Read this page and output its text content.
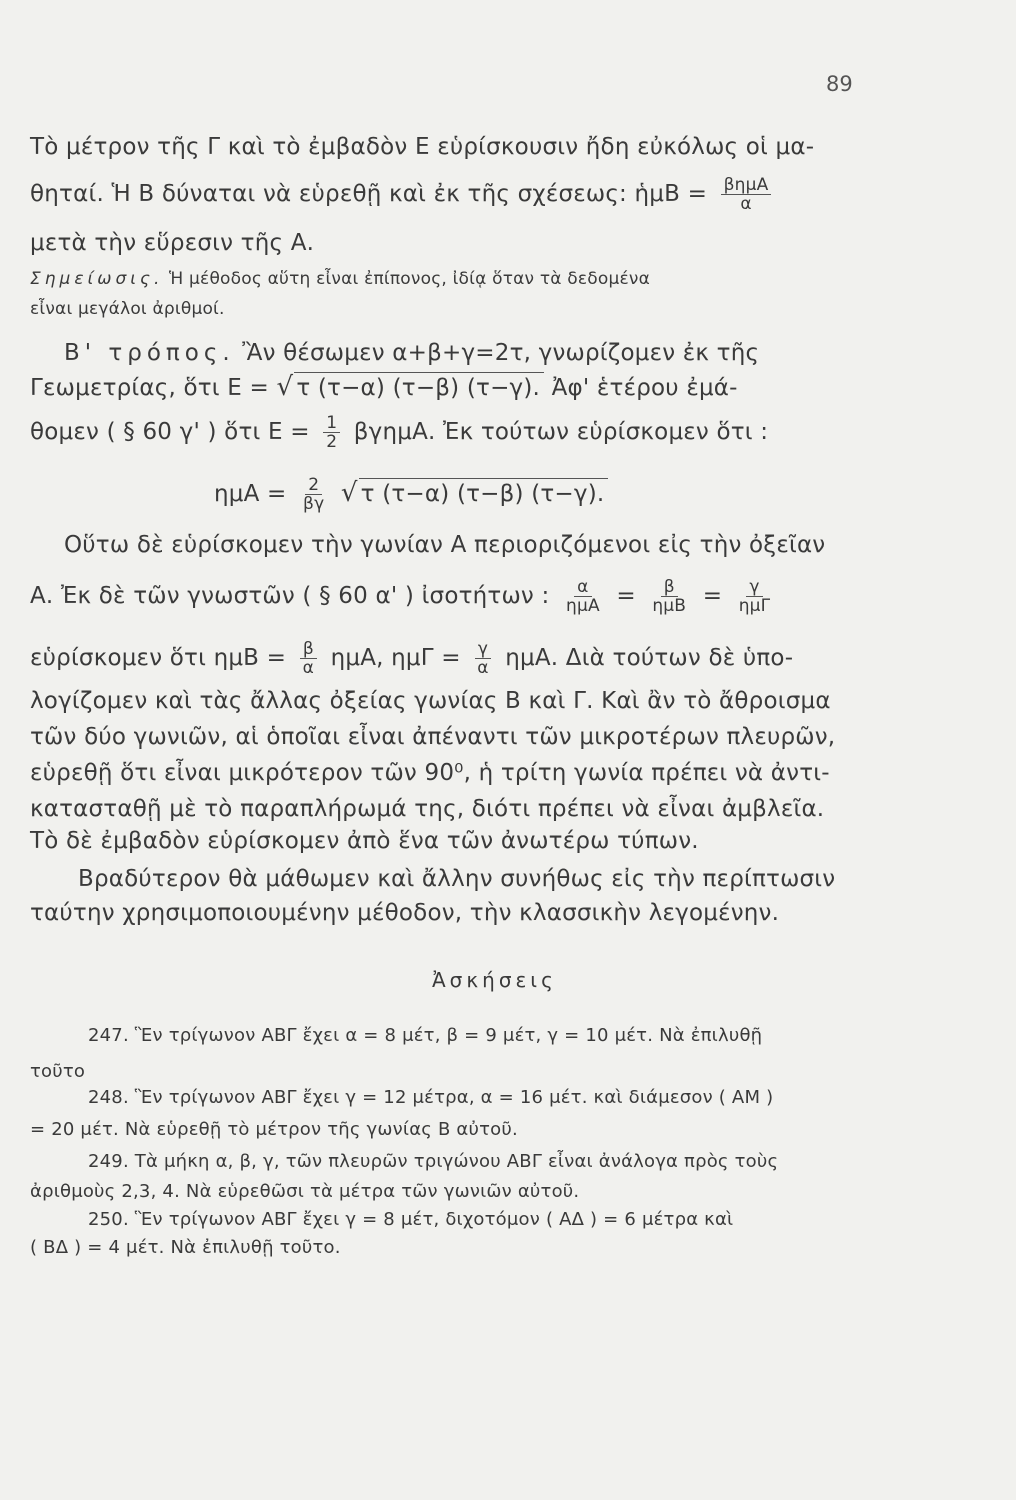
89
Τὸ μέτρον τῆς Γ καὶ τὸ ἐμβαδὸν Ε εὑρίσκουσιν ἤδη εὐκόλως οἱ μα-
θηταί. Ἡ Β δύναται νὰ εὑρεθῇ καὶ ἐκ τῆς σχέσεως: ἡμΒ = $\frac{\text{βημΑ}}{\alpha}$
μετὰ τὴν εὕρεσιν τῆς Α.
Σημείωσις. Ἡ μέθοδος αὕτη εἶναι ἐπίπονος, ἰδίᾳ ὅταν τὰ δεδομένα
εἶναι μεγάλοι ἀριθμοί.
Β' τρόπος. Ἂν θέσωμεν α+β+γ=2τ, γνωρίζομεν ἐκ τῆς
Γεωμετρίας, ὅτι Ε = √ τ (τ−α) (τ−β) (τ−γ). Ἀφ' ἑτέρου ἐμά-
θομεν ( § 60 γ' ) ὅτι $E = \frac{1}{2} \beta\gamma\eta\mu A$. Ἐκ τούτων εὑρίσκομεν ὅτι :
$\eta\mu A = \frac{2}{\beta\gamma}$ √ τ (τ−α) (τ−β) (τ−γ).
Οὕτω δὲ εὑρίσκομεν τὴν γωνίαν Α περιοριζόμενοι εἰς τὴν ὀξεῖαν
Α. Ἐκ δὲ τῶν γνωστῶν ( § 60 α' ) ἰσοτήτων : $\frac{\alpha}{\text{ημΑ}} = \frac{\beta}{\text{ημΒ}} = \frac{\gamma}{\text{ημΓ}}$
εὑρίσκομεν ὅτι $\eta\mu B = \frac{\beta}{\alpha} \eta\mu A$, $\eta\mu\Gamma = \frac{\gamma}{\alpha} \eta\mu A$. Διὰ τούτων δὲ ὑπο-
λογίζομεν καὶ τὰς ἄλλας ὀξείας γωνίας Β καὶ Γ. Καὶ ἂν τὸ ἄθροισμα
τῶν δύο γωνιῶν, αἱ ὁποῖαι εἶναι ἀπέναντι τῶν μικροτέρων πλευρῶν,
εὑρεθῇ ὅτι εἶναι μικρότερον τῶν 90⁰, ἡ τρίτη γωνία πρέπει νὰ ἀντι-
κατασταθῇ μὲ τὸ παραπλήρωμά της, διότι πρέπει νὰ εἶναι ἀμβλεῖα.
Τὸ δὲ ἐμβαδὸν εὑρίσκομεν ἀπὸ ἕνα τῶν ἀνωτέρω τύπων.
Βραδύτερον θὰ μάθωμεν καὶ ἄλλην συνήθως εἰς τὴν περίπτωσιν
ταύτην χρησιμοποιουμένην μέθοδον, τὴν κλασσικὴν λεγομένην.
Ἀσκήσεις
247. Ἓν τρίγωνον ΑΒΓ ἔχει α = 8 μέτ, β = 9 μέτ, γ = 10 μέτ. Νὰ ἐπιλυθῇ
τοῦτο
248. Ἓν τρίγωνον ΑΒΓ ἔχει γ = 12 μέτρα, α = 16 μέτ. καὶ διάμεσον ( ΑΜ )
= 20 μέτ. Νὰ εὑρεθῇ τὸ μέτρον τῆς γωνίας Β αὐτοῦ.
249. Τὰ μήκη α, β, γ, τῶν πλευρῶν τριγώνου ΑΒΓ εἶναι ἀνάλογα πρὸς τοὺς
ἀριθμοὺς 2,3, 4. Νὰ εὑρεθῶσι τὰ μέτρα τῶν γωνιῶν αὐτοῦ.
250. Ἓν τρίγωνον ΑΒΓ ἔχει γ = 8 μέτ, διχοτόμον ( ΑΔ ) = 6 μέτρα καὶ
( ΒΔ ) = 4 μέτ. Νὰ ἐπιλυθῇ τοῦτο.
